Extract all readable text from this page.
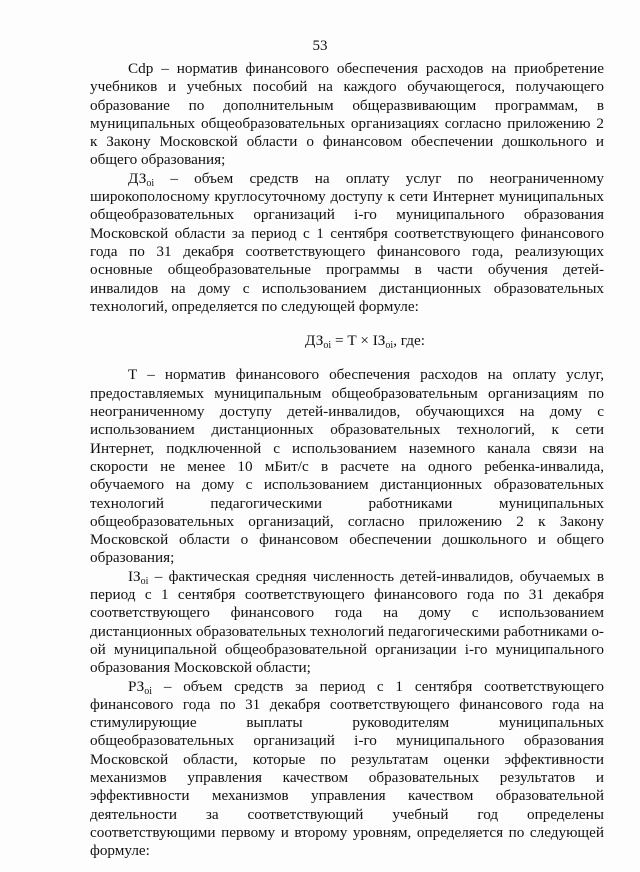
53

Cdp – норматив финансового обеспечения расходов на приобретение учебников и учебных пособий на каждого обучающегося, получающего образование по дополнительным общеразвивающим программам, в муниципальных общеобразовательных организациях согласно приложению 2 к Закону Московской области о финансовом обеспечении дошкольного и общего образования;

$ДЗ_{oi}$ – объем средств на оплату услуг по неограниченному широкополосному круглосуточному доступу к сети Интернет муниципальных общеобразовательных организаций i-го муниципального образования Московской области за период с 1 сентября соответствующего финансового года по 31 декабря соответствующего финансового года, реализующих основные общеобразовательные программы в части обучения детей-инвалидов на дому с использованием дистанционных образовательных технологий, определяется по следующей формуле:

$ДЗ_{oi} = Т \times IЗ_{oi}$, где:

Т – норматив финансового обеспечения расходов на оплату услуг, предоставляемых муниципальным общеобразовательным организациям по неограниченному доступу детей-инвалидов, обучающихся на дому с использованием дистанционных образовательных технологий, к сети Интернет, подключенной с использованием наземного канала связи на скорости не менее 10 мБит/с в расчете на одного ребенка-инвалида, обучаемого на дому с использованием дистанционных образовательных технологий педагогическими работниками муниципальных общеобразовательных организаций, согласно приложению 2 к Закону Московской области о финансовом обеспечении дошкольного и общего образования;

$IЗ_{oi}$ – фактическая средняя численность детей-инвалидов, обучаемых в период с 1 сентября соответствующего финансового года по 31 декабря соответствующего финансового года на дому с использованием дистанционных образовательных технологий педагогическими работниками о-ой муниципальной общеобразовательной организации i-го муниципального образования Московской области;

$РЗ_{oi}$ – объем средств за период с 1 сентября соответствующего финансового года по 31 декабря соответствующего финансового года на стимулирующие выплаты руководителям муниципальных общеобразовательных организаций i-го муниципального образования Московской области, которые по результатам оценки эффективности механизмов управления качеством образовательных результатов и эффективности механизмов управления качеством образовательной деятельности за соответствующий учебный год определены соответствующими первому и второму уровням, определяется по следующей формуле:
